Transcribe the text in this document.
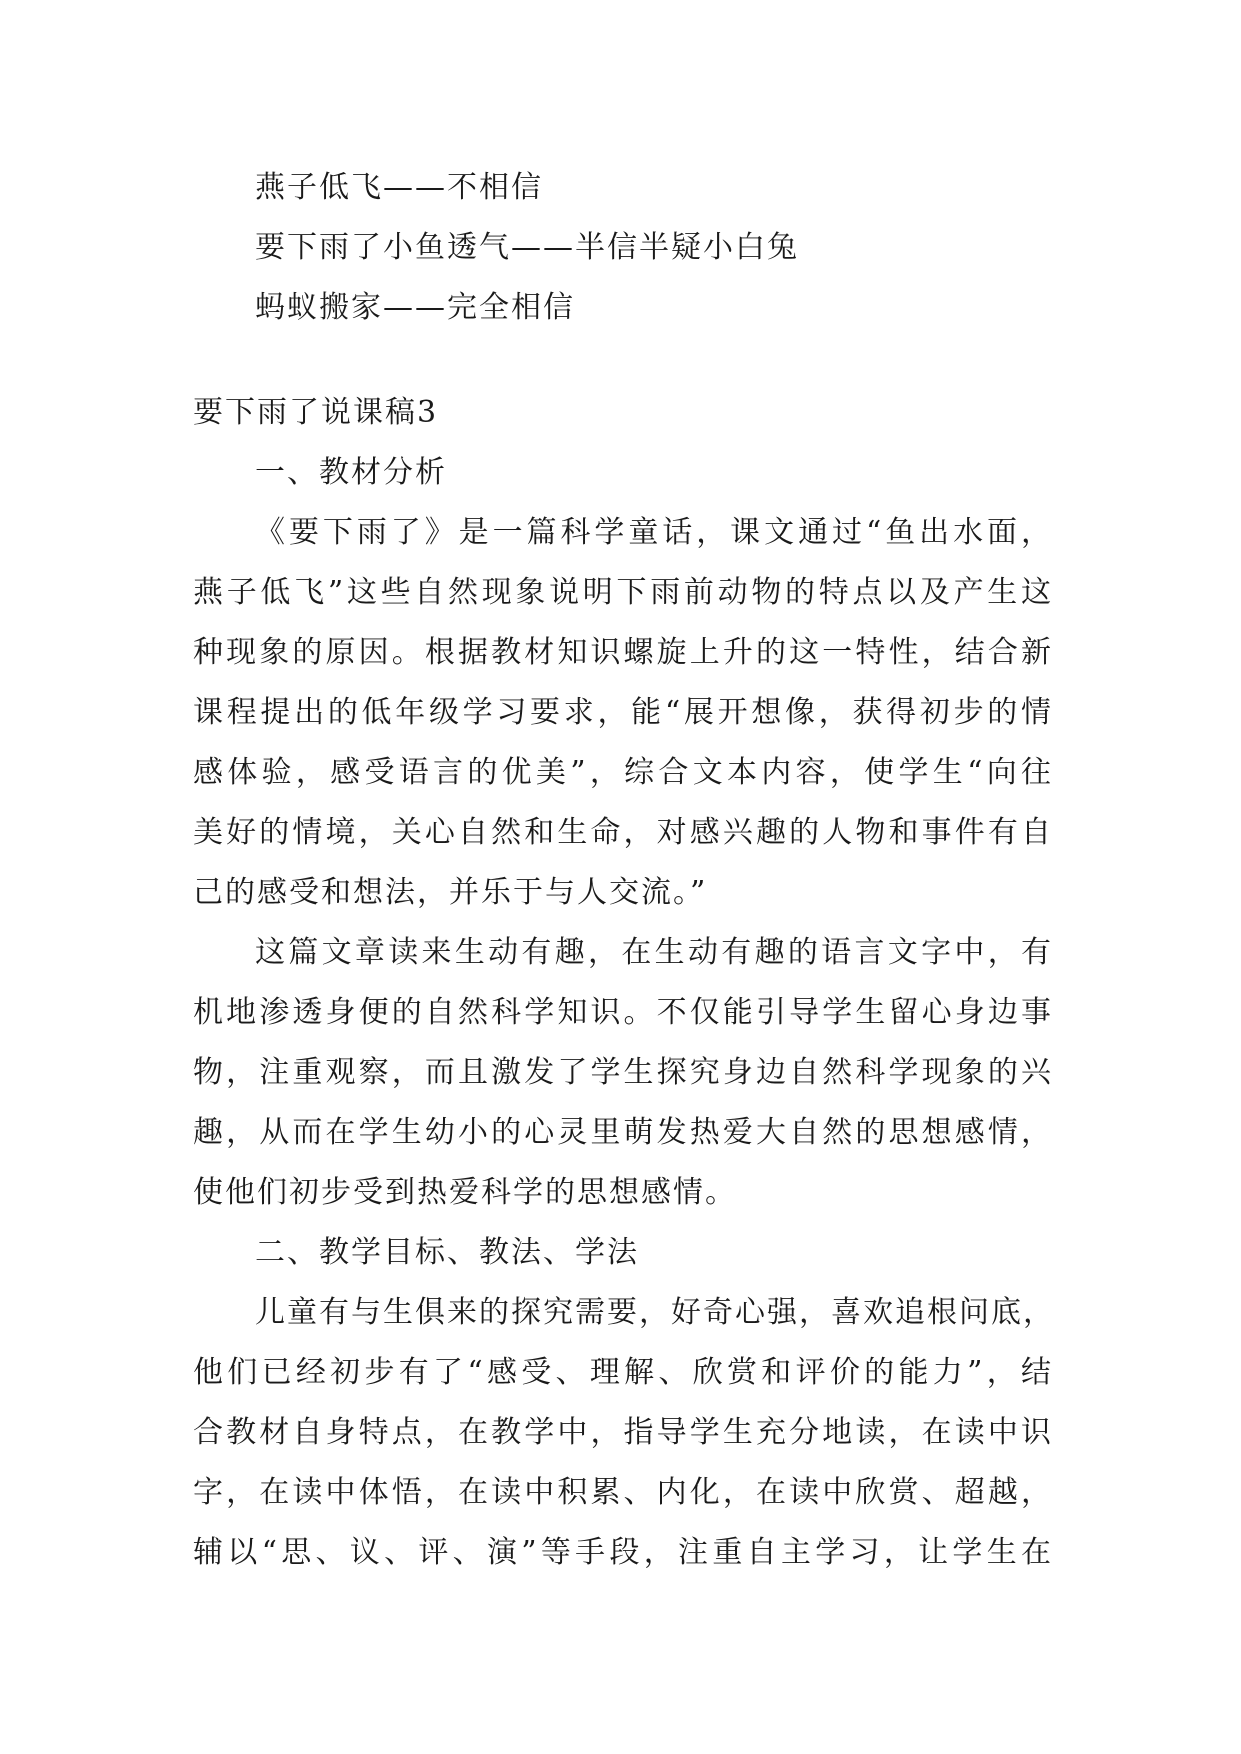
燕子低飞——不相信
要下雨了小鱼透气——半信半疑小白兔
蚂蚁搬家——完全相信
要下雨了说课稿3
一、教材分析
《要下雨了》是一篇科学童话，课文通过“鱼出水面，
燕子低飞”这些自然现象说明下雨前动物的特点以及产生这
种现象的原因。根据教材知识螺旋上升的这一特性，结合新
课程提出的低年级学习要求，能“展开想像，获得初步的情
感体验，感受语言的优美”，综合文本内容，使学生“向往
美好的情境，关心自然和生命，对感兴趣的人物和事件有自
己的感受和想法，并乐于与人交流。”
这篇文章读来生动有趣，在生动有趣的语言文字中，有
机地渗透身便的自然科学知识。不仅能引导学生留心身边事
物，注重观察，而且激发了学生探究身边自然科学现象的兴
趣，从而在学生幼小的心灵里萌发热爱大自然的思想感情，
使他们初步受到热爱科学的思想感情。
二、教学目标、教法、学法
儿童有与生俱来的探究需要，好奇心强，喜欢追根问底，
他们已经初步有了“感受、理解、欣赏和评价的能力”，结
合教材自身特点，在教学中，指导学生充分地读，在读中识
字，在读中体悟，在读中积累、内化，在读中欣赏、超越，
辅以“思、议、评、演”等手段，注重自主学习，让学生在
